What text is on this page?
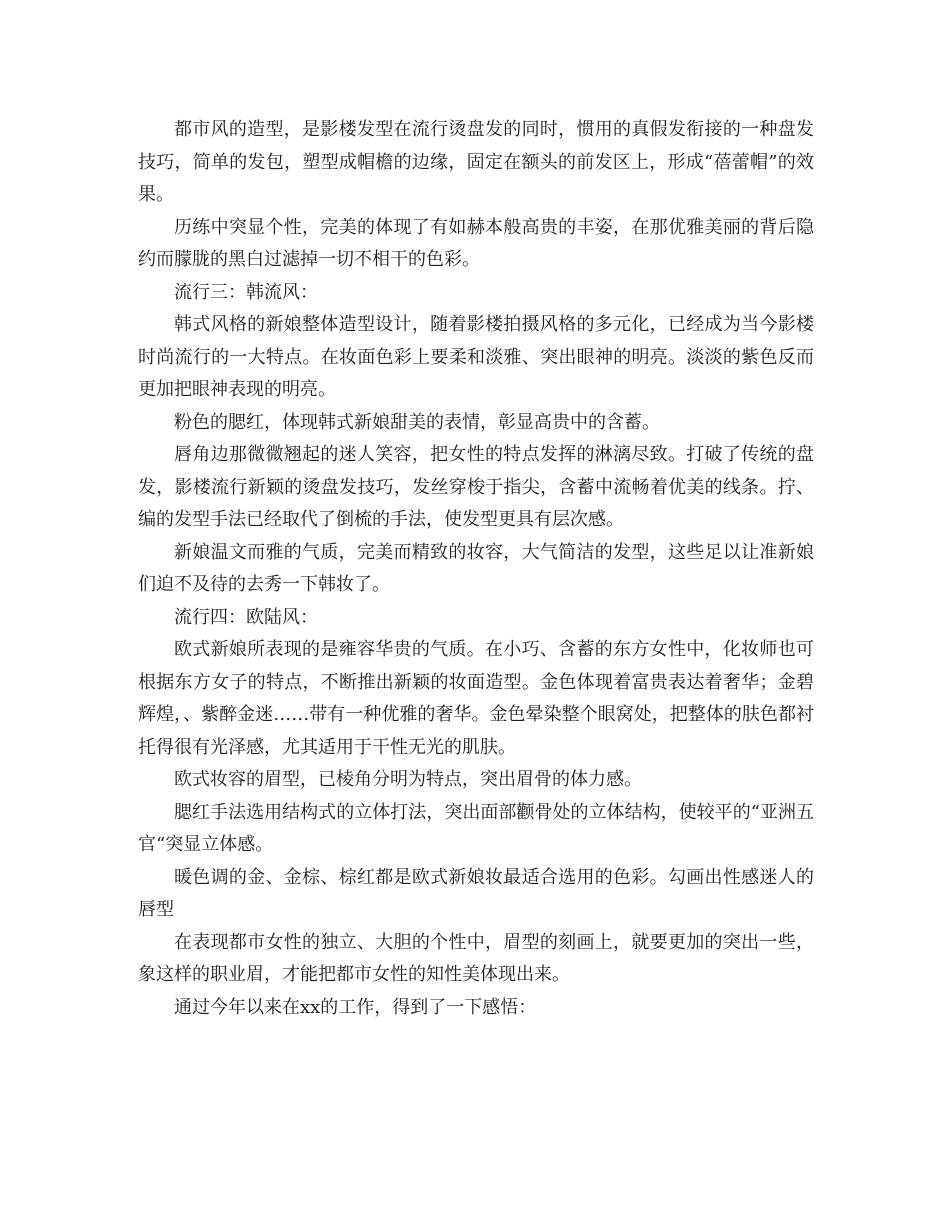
都市风的造型，是影楼发型在流行烫盘发的同时，惯用的真假发衔接的一种盘发技巧，简单的发包，塑型成帽檐的边缘，固定在额头的前发区上，形成“蓓蕾帽”的效果。

历练中突显个性，完美的体现了有如赫本般高贵的丰姿，在那优雅美丽的背后隐约而朦胧的黑白过滤掉一切不相干的色彩。

流行三：韩流风：

韩式风格的新娘整体造型设计，随着影楼拍摄风格的多元化，已经成为当今影楼时尚流行的一大特点。在妆面色彩上要柔和淡雅、突出眼神的明亮。淡淡的紫色反而更加把眼神表现的明亮。

粉色的腮红，体现韩式新娘甜美的表情，彰显高贵中的含蓄。

唇角边那微微翘起的迷人笑容，把女性的特点发挥的淋漓尽致。打破了传统的盘发，影楼流行新颖的烫盘发技巧，发丝穿梭于指尖，含蓄中流畅着优美的线条。拧、编的发型手法已经取代了倒梳的手法，使发型更具有层次感。

新娘温文而雅的气质，完美而精致的妆容，大气简洁的发型，这些足以让准新娘们迫不及待的去秀一下韩妆了。

流行四：欧陆风：

欧式新娘所表现的是雍容华贵的气质。在小巧、含蓄的东方女性中，化妆师也可根据东方女子的特点，不断推出新颖的妆面造型。金色体现着富贵表达着奢华；金碧辉煌，、紫醉金迷……带有一种优雅的奢华。金色晕染整个眼窝处，把整体的肤色都衬托得很有光泽感，尤其适用于干性无光的肌肤。

欧式妆容的眉型，已棱角分明为特点，突出眉骨的体力感。

腮红手法选用结构式的立体打法，突出面部颧骨处的立体结构，使较平的“亚洲五官“突显立体感。

暖色调的金、金棕、棕红都是欧式新娘妆最适合选用的色彩。勾画出性感迷人的唇型

在表现都市女性的独立、大胆的个性中，眉型的刻画上，就要更加的突出一些，象这样的职业眉，才能把都市女性的知性美体现出来。

通过今年以来在xx的工作，得到了一下感悟：
